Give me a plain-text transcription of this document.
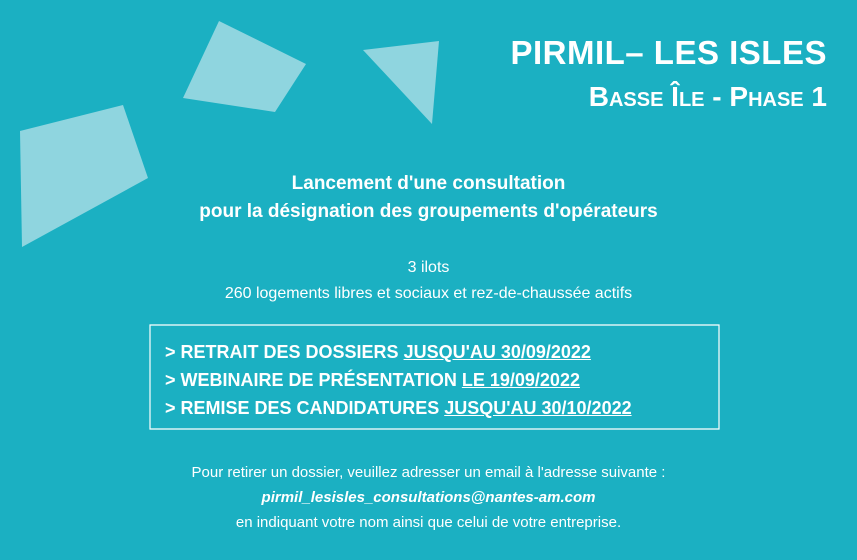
PIRMIL– LES ISLES
Basse Île - Phase 1
Lancement d'une consultation
pour la désignation des groupements d'opérateurs
3 ilots
260 logements libres et sociaux et rez-de-chaussée actifs
> RETRAIT DES DOSSIERS JUSQU'AU 30/09/2022
> WEBINAIRE DE PRÉSENTATION LE 19/09/2022
> REMISE DES CANDIDATURES JUSQU'AU 30/10/2022
Pour retirer un dossier, veuillez adresser un email à l'adresse suivante :
pirmil_lesisles_consultations@nantes-am.com
en indiquant votre nom ainsi que celui de votre entreprise.
